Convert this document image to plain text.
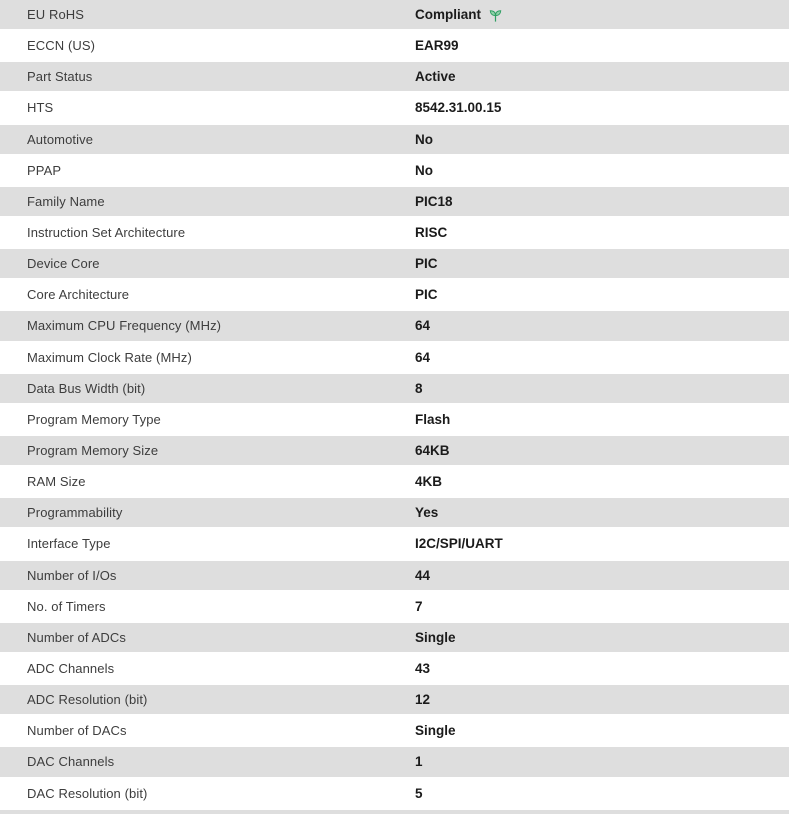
EU RoHS	Compliant
ECCN (US)	EAR99
Part Status	Active
HTS	8542.31.00.15
Automotive	No
PPAP	No
Family Name	PIC18
Instruction Set Architecture	RISC
Device Core	PIC
Core Architecture	PIC
Maximum CPU Frequency (MHz)	64
Maximum Clock Rate (MHz)	64
Data Bus Width (bit)	8
Program Memory Type	Flash
Program Memory Size	64KB
RAM Size	4KB
Programmability	Yes
Interface Type	I2C/SPI/UART
Number of I/Os	44
No. of Timers	7
Number of ADCs	Single
ADC Channels	43
ADC Resolution (bit)	12
Number of DACs	Single
DAC Channels	1
DAC Resolution (bit)	5
